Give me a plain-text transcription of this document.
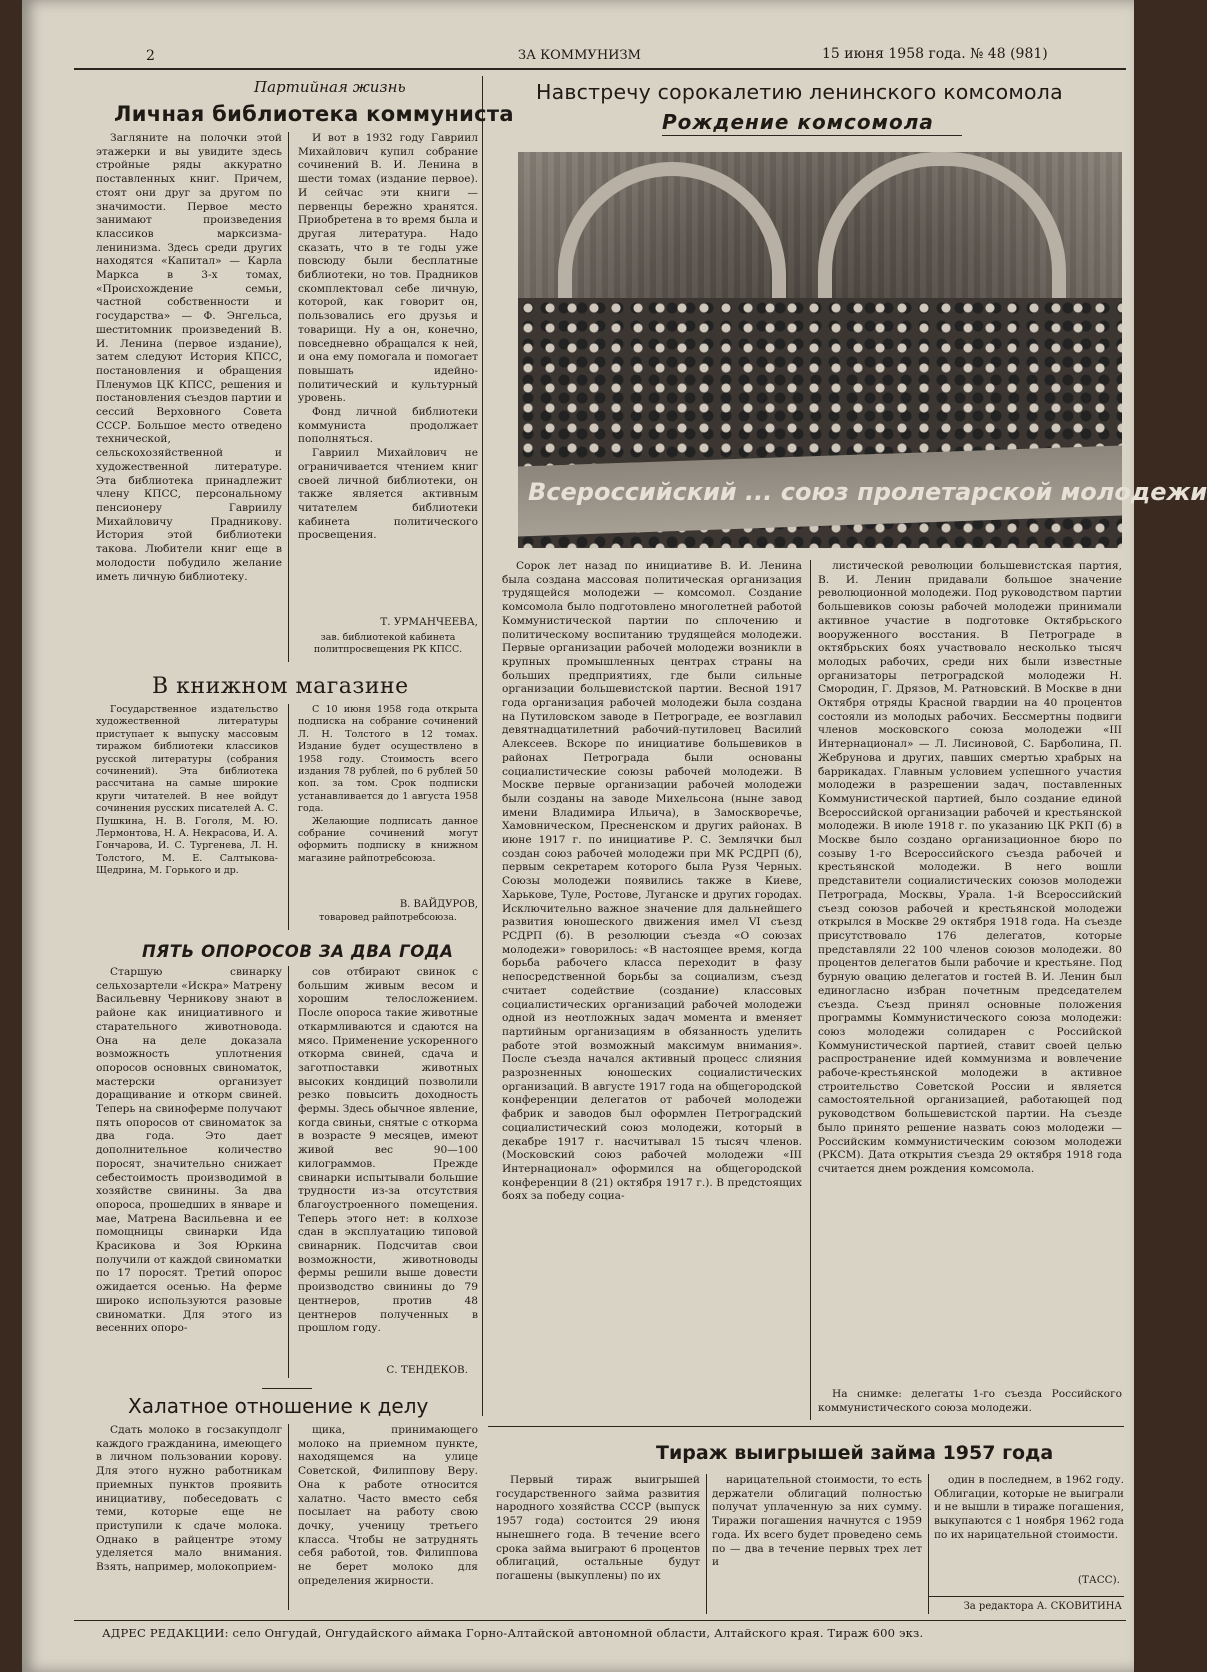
2	ЗА КОММУНИЗМ	15 июня 1958 года. № 48 (981)
Партийная жизнь
Личная библиотека коммуниста

Загляните на полочки этой этажерки и вы увидите здесь стройные ряды аккуратно поставленных книг. Причем, стоят они друг за другом по значимости. Первое место занимают произведения классиков марксизма-ленинизма. Здесь среди других находятся «Капитал» — Карла Маркса в 3-х томах, «Происхождение семьи, частной собственности и государства» — Ф. Энгельса, шеститомник произведений В. И. Ленина (первое издание), затем следуют История КПСС, постановления и обращения Пленумов ЦК КПСС, решения и постановления съездов партии и сессий Верховного Совета СССР. Большое место отведено технической, сельскохозяйственной и художественной литературе. Эта библиотека принадлежит члену КПСС, персональному пенсионеру Гавриилу Михайловичу Прадникову. История этой библиотеки такова. Любители книг еще в молодости побудило желание иметь личную библиотеку.

И вот в 1932 году Гавриил Михайлович купил собрание сочинений В. И. Ленина в шести томах (издание первое). И сейчас эти книги — первенцы бережно хранятся. Приобретена в то время была и другая литература. Надо сказать, что в те годы уже повсюду были бесплатные библиотеки, но тов. Прадников скомплектовал себе личную, которой, как говорит он, пользовались его друзья и товарищи. Ну а он, конечно, повседневно обращался к ней, и она ему помогала и помогает повышать идейно-политический и культурный уровень.

Фонд личной библиотеки коммуниста продолжает пополняться.

Гавриил Михайлович не ограничивается чтением книг своей личной библиотеки, он также является активным читателем библиотеки кабинета политического просвещения.

Т. УРМАНЧЕЕВА,
зав. библиотекой кабинета политпросвещения РК КПСС.
В книжном магазине

Государственное издательство художественной литературы приступает к выпуску массовым тиражом библиотеки классиков русской литературы (собрания сочинений). Эта библиотека рассчитана на самые широкие круги читателей. В нее войдут сочинения русских писателей А. С. Пушкина, Н. В. Гоголя, М. Ю. Лермонтова, Н. А. Некрасова, И. А. Гончарова, И. С. Тургенева, Л. Н. Толстого, М. Е. Салтыкова-Щедрина, М. Горького и др.

С 10 июня 1958 года открыта подписка на собрание сочинений Л. Н. Толстого в 12 томах. Издание будет осуществлено в 1958 году. Стоимость всего издания 78 рублей, по 6 рублей 50 коп. за том. Срок подписки устанавливается до 1 августа 1958 года.

Желающие подписать данное собрание сочинений могут оформить подписку в книжном магазине райпотребсоюза.

В. ВАЙДУРОВ,
товаровед райпотребсоюза.
ПЯТЬ ОПОРОСОВ ЗА ДВА ГОДА

Старшую свинарку сельхозартели «Искра» Матрену Васильевну Черникову знают в районе как инициативного и старательного животновода. Она на деле доказала возможность уплотнения опоросов основных свиноматок, мастерски организует доращивание и откорм свиней. Теперь на свиноферме получают пять опоросов от свиноматок за два года. Это дает дополнительное количество поросят, значительно снижает себестоимость производимой в хозяйстве свинины. За два опороса, прошедших в январе и мае, Матрена Васильевна и ее помощницы свинарки Ида Красикова и Зоя Юркина получили от каждой свиноматки по 17 поросят. Третий опорос ожидается осенью. На ферме широко используются разовые свиноматки. Для этого из весенних опоро-

сов отбирают свинок с большим живым весом и хорошим телосложением. После опороса такие животные откармливаются и сдаются на мясо. Применение ускоренного откорма свиней, сдача и заготпоставки животных высоких кондиций позволили резко повысить доходность фермы. Здесь обычное явление, когда свиньи, снятые с откорма в возрасте 9 месяцев, имеют живой вес 90—100 килограммов. Прежде свинарки испытывали большие трудности из-за отсутствия благоустроенного помещения. Теперь этого нет: в колхозе сдан в эксплуатацию типовой свинарник. Подсчитав свои возможности, животноводы фермы решили выше довести производство свинины до 79 центнеров, против 48 центнеров полученных в прошлом году.

С. ТЕНДЕКОВ.
Халатное отношение к делу

Сдать молоко в госзакупдолг каждого гражданина, имеющего в личном пользовании корову. Для этого нужно работникам приемных пунктов проявить инициативу, побеседовать с теми, которые еще не приступили к сдаче молока. Однако в райцентре этому уделяется мало внимания. Взять, например, молокоприем-

щика, принимающего молоко на приемном пункте, находящемся на улице Советской, Филиппову Веру. Она к работе относится халатно. Часто вместо себя посылает на работу свою дочку, ученицу третьего класса. Чтобы не затруднять себя работой, тов. Филиппова не берет молоко для определения жирности.

Навстречу сорокалетию ленинского комсомола
Рождение комсомола
Всероссийский ... союз пролетарской молодежи

Сорок лет назад по инициативе В. И. Ленина была создана массовая политическая организация трудящейся молодежи — комсомол. Создание комсомола было подготовлено многолетней работой Коммунистической партии по сплочению и политическому воспитанию трудящейся молодежи. Первые организации рабочей молодежи возникли в крупных промышленных центрах страны на больших предприятиях, где были сильные организации большевистской партии. Весной 1917 года организация рабочей молодежи была создана на Путиловском заводе в Петрограде, ее возглавил девятнадцатилетний рабочий-путиловец Василий Алексеев. Вскоре по инициативе большевиков в районах Петрограда были основаны социалистические союзы рабочей молодежи. В Москве первые организации рабочей молодежи были созданы на заводе Михельсона (ныне завод имени Владимира Ильича), в Замоскворечье, Хамовническом, Пресненском и других районах. В июне 1917 г. по инициативе Р. С. Землячки был создан союз рабочей молодежи при МК РСДРП (б), первым секретарем которого была Рузя Черных. Союзы молодежи появились также в Киеве, Харькове, Туле, Ростове, Луганске и других городах. Исключительно важное значение для дальнейшего развития юношеского движения имел VI съезд РСДРП (б). В резолюции съезда «О союзах молодежи» говорилось: «В настоящее время, когда борьба рабочего класса переходит в фазу непосредственной борьбы за социализм, съезд считает содействие (создание) классовых социалистических организаций рабочей молодежи одной из неотложных задач момента и вменяет партийным организациям в обязанность уделить работе этой возможный максимум внимания». После съезда начался активный процесс слияния разрозненных юношеских социалистических организаций. В августе 1917 года на общегородской конференции делегатов от рабочей молодежи фабрик и заводов был оформлен Петроградский социалистический союз молодежи, который в декабре 1917 г. насчитывал 15 тысяч членов. (Московский союз рабочей молодежи «III Интернационал» оформился на общегородской конференции 8 (21) октября 1917 г.). В предстоящих боях за победу социа-

листической революции большевистская партия, В. И. Ленин придавали большое значение революционной молодежи. Под руководством партии большевиков союзы рабочей молодежи принимали активное участие в подготовке Октябрьского вооруженного восстания. В Петрограде в октябрьских боях участвовало несколько тысяч молодых рабочих, среди них были известные организаторы петроградской молодежи Н. Смородин, Г. Дрязов, М. Ратновский. В Москве в дни Октября отряды Красной гвардии на 40 процентов состояли из молодых рабочих. Бессмертны подвиги членов московского союза молодежи «III Интернационал» — Л. Лисиновой, С. Барболина, П. Жебрунова и других, павших смертью храбрых на баррикадах. Главным условием успешного участия молодежи в разрешении задач, поставленных Коммунистической партией, было создание единой Всероссийской организации рабочей и крестьянской молодежи. В июле 1918 г. по указанию ЦК РКП (б) в Москве было создано организационное бюро по созыву 1-го Всероссийского съезда рабочей и крестьянской молодежи. В него вошли представители социалистических союзов молодежи Петрограда, Москвы, Урала. 1-й Всероссийский съезд союзов рабочей и крестьянской молодежи открылся в Москве 29 октября 1918 года. На съезде присутствовало 176 делегатов, которые представляли 22 100 членов союзов молодежи. 80 процентов делегатов были рабочие и крестьяне. Под бурную овацию делегатов и гостей В. И. Ленин был единогласно избран почетным председателем съезда. Съезд принял основные положения программы Коммунистического союза молодежи: союз молодежи солидарен с Российской Коммунистической партией, ставит своей целью распространение идей коммунизма и вовлечение рабоче-крестьянской молодежи в активное строительство Советской России и является самостоятельной организацией, работающей под руководством большевистской партии. На съезде было принято решение назвать союз молодежи — Российским коммунистическим союзом молодежи (РКСМ). Дата открытия съезда 29 октября 1918 года считается днем рождения комсомола.

На снимке: делегаты 1-го съезда Российского коммунистического союза молодежи.

Тираж выигрышей займа 1957 года

Первый тираж выигрышей государственного займа развития народного хозяйства СССР (выпуск 1957 года) состоится 29 июня нынешнего года. В течение всего срока займа выиграют 6 процентов облигаций, остальные будут погашены (выкуплены) по их

нарицательной стоимости, то есть держатели облигаций полностью получат уплаченную за них сумму. Тиражи погашения начнутся с 1959 года. Их всего будет проведено семь по — два в течение первых трех лет и

один в последнем, в 1962 году. Облигации, которые не выиграли и не вышли в тираже погашения, выкупаются с 1 ноября 1962 года по их нарицательной стоимости.

(ТАСС).
За редактора А. СКОВИТИНА
АДРЕС РЕДАКЦИИ: село Онгудай, Онгудайского аймака Горно-Алтайской автономной области, Алтайского края. Тираж 600 экз.
